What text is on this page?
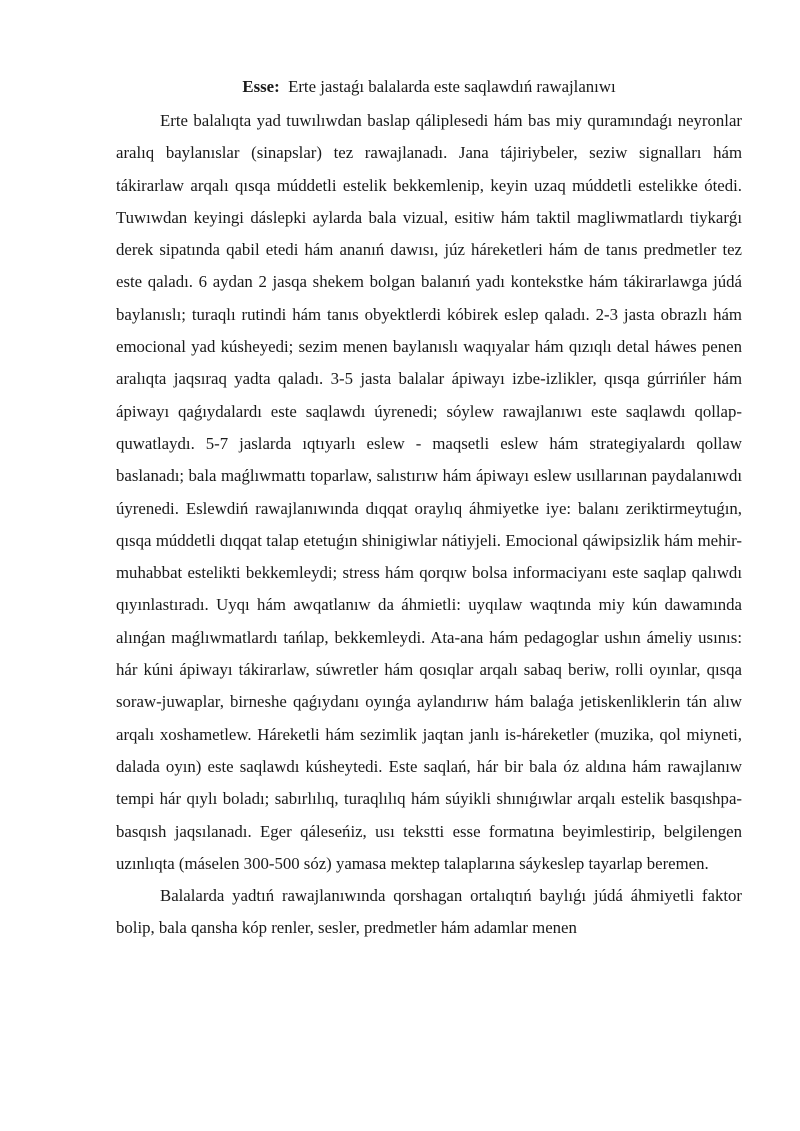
Esse: Erte jastaǵı balalarda este saqlawdıń rawajlanıwı

Erte balalıqta yad tuwılıwdan baslap qáliplesedi hám bas miy quramındaǵı neyronlar aralıq baylanıslar (sinapslar) tez rawajlanadı. Jana tájiriybeler, seziw signalları hám tákirarlaw arqalı qısqa múddetli estelik bekkemlenip, keyin uzaq múddetli estelikke ótedi. Tuwıwdan keyingi dáslepki aylarda bala vizual, esitiw hám taktil magliwmatlardı tiykarǵı derek sipatında qabil etedi hám ananıń dawısı, júz háreketleri hám de tanıs predmetler tez este qaladı. 6 aydan 2 jasqa shekem bolgan balanıń yadı kontekstke hám tákirarlawga júdá baylanıslı; turaqlı rutindi hám tanıs obyektlerdi kóbirek eslep qaladı. 2-3 jasta obrazlı hám emocional yad kúsheyedi; sezim menen baylanıslı waqıyalar hám qızıqlı detal háwes penen aralıqta jaqsıraq yadta qaladı. 3-5 jasta balalar ápiwayı izbe-izlikler, qısqa gúrrińler hám ápiwayı qaǵıydalardı este saqlawdı úyrenedi; sóylew rawajlanıwı este saqlawdı qollap-quwatlaydı. 5-7 jaslarda ıqtıyarlı eslew - maqsetli eslew hám strategiyalardı qollaw baslanadı; bala maǵlıwmattı toparlaw, salıstırıw hám ápiwayı eslew usıllarınan paydalanıwdı úyrenedi. Eslewdiń rawajlanıwında dıqqat oraylıq áhmiyetke iye: balanı zeriktirmeytuǵın, qısqa múddetli dıqqat talap etetuǵın shinigiwlar nátiyjeli. Emocional qáwipsizlik hám mehir-muhabbat estelikti bekkemleydi; stress hám qorqıw bolsa informaciyanı este saqlap qalıwdı qıyınlastıradı. Uyqı hám awqatlanıw da áhmietli: uyqılaw waqtında miy kún dawamında alınǵan maǵlıwmatlardı tańlap, bekkemleydi. Ata-ana hám pedagoglar ushın ámeliy usınıs: hár kúni ápiwayı tákirarlaw, súwretler hám qosıqlar arqalı sabaq beriw, rolli oyınlar, qısqa soraw-juwaplar, birneshe qaǵıydanı oyınǵa aylandırıw hám balaǵa jetiskenliklerin tán alıw arqalı xoshametlew. Háreketli hám sezimlik jaqtan janlı is-háreketler (muzika, qol miyneti, dalada oyın) este saqlawdı kúsheytedi. Este saqlań, hár bir bala óz aldına hám rawajlanıw tempi hár qıylı boladı; sabırlılıq, turaqlılıq hám súyikli shınıǵıwlar arqalı estelik basqıshpa-basqısh jaqsılanadı. Eger qáleseńiz, usı tekstti esse formatına beyimlestirip, belgilengen uzınlıqta (máselen 300-500 sóz) yamasa mektep talaplarına sáykeslep tayarlap beremen.

Balalarda yadtıń rawajlanıwında qorshagan ortalıqtıń baylıǵı júdá áhmiyetli faktor bolip, bala qansha kóp renler, sesler, predmetler hám adamlar menen
